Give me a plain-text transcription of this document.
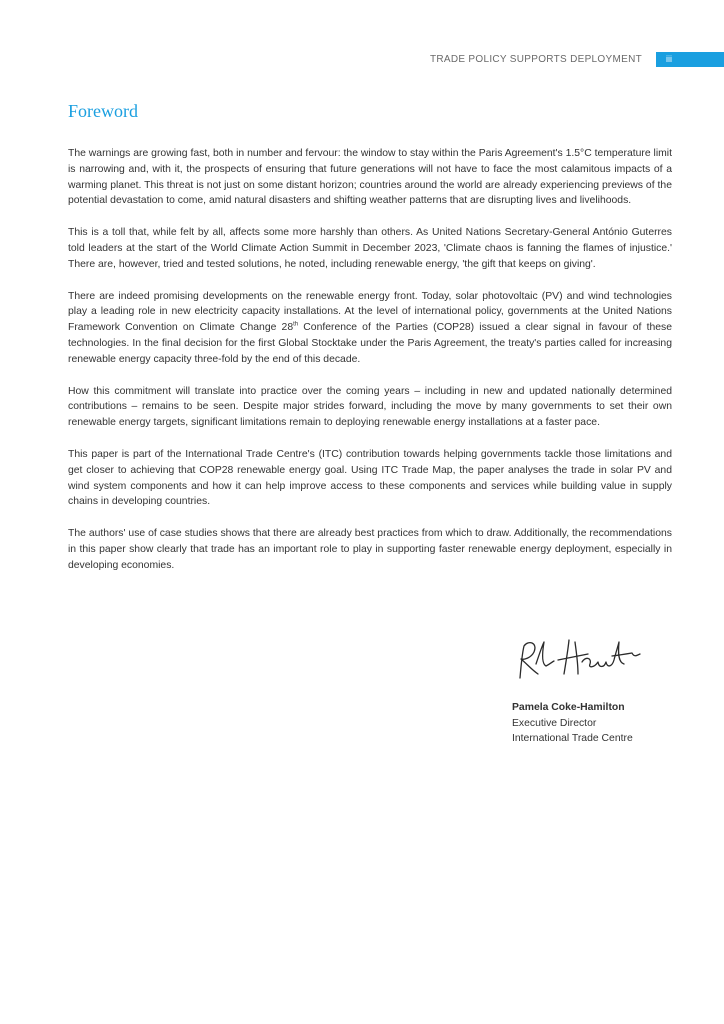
TRADE POLICY SUPPORTS DEPLOYMENT	iii
Foreword

The warnings are growing fast, both in number and fervour: the window to stay within the Paris Agreement's 1.5°C temperature limit is narrowing and, with it, the prospects of ensuring that future generations will not have to face the most calamitous impacts of a warming planet. This threat is not just on some distant horizon; countries around the world are already experiencing previews of the potential devastation to come, amid natural disasters and shifting weather patterns that are disrupting lives and livelihoods.

This is a toll that, while felt by all, affects some more harshly than others. As United Nations Secretary-General António Guterres told leaders at the start of the World Climate Action Summit in December 2023, 'Climate chaos is fanning the flames of injustice.' There are, however, tried and tested solutions, he noted, including renewable energy, 'the gift that keeps on giving'.

There are indeed promising developments on the renewable energy front. Today, solar photovoltaic (PV) and wind technologies play a leading role in new electricity capacity installations. At the level of international policy, governments at the United Nations Framework Convention on Climate Change 28th Conference of the Parties (COP28) issued a clear signal in favour of these technologies. In the final decision for the first Global Stocktake under the Paris Agreement, the treaty's parties called for increasing renewable energy capacity three-fold by the end of this decade.

How this commitment will translate into practice over the coming years – including in new and updated nationally determined contributions – remains to be seen. Despite major strides forward, including the move by many governments to set their own renewable energy targets, significant limitations remain to deploying renewable energy installations at a faster pace.

This paper is part of the International Trade Centre's (ITC) contribution towards helping governments tackle those limitations and get closer to achieving that COP28 renewable energy goal. Using ITC Trade Map, the paper analyses the trade in solar PV and wind system components and how it can help improve access to these components and services while building value in supply chains in developing countries.

The authors' use of case studies shows that there are already best practices from which to draw. Additionally, the recommendations in this paper show clearly that trade has an important role to play in supporting faster renewable energy deployment, especially in developing economies.

Pamela Coke-Hamilton
Executive Director
International Trade Centre
